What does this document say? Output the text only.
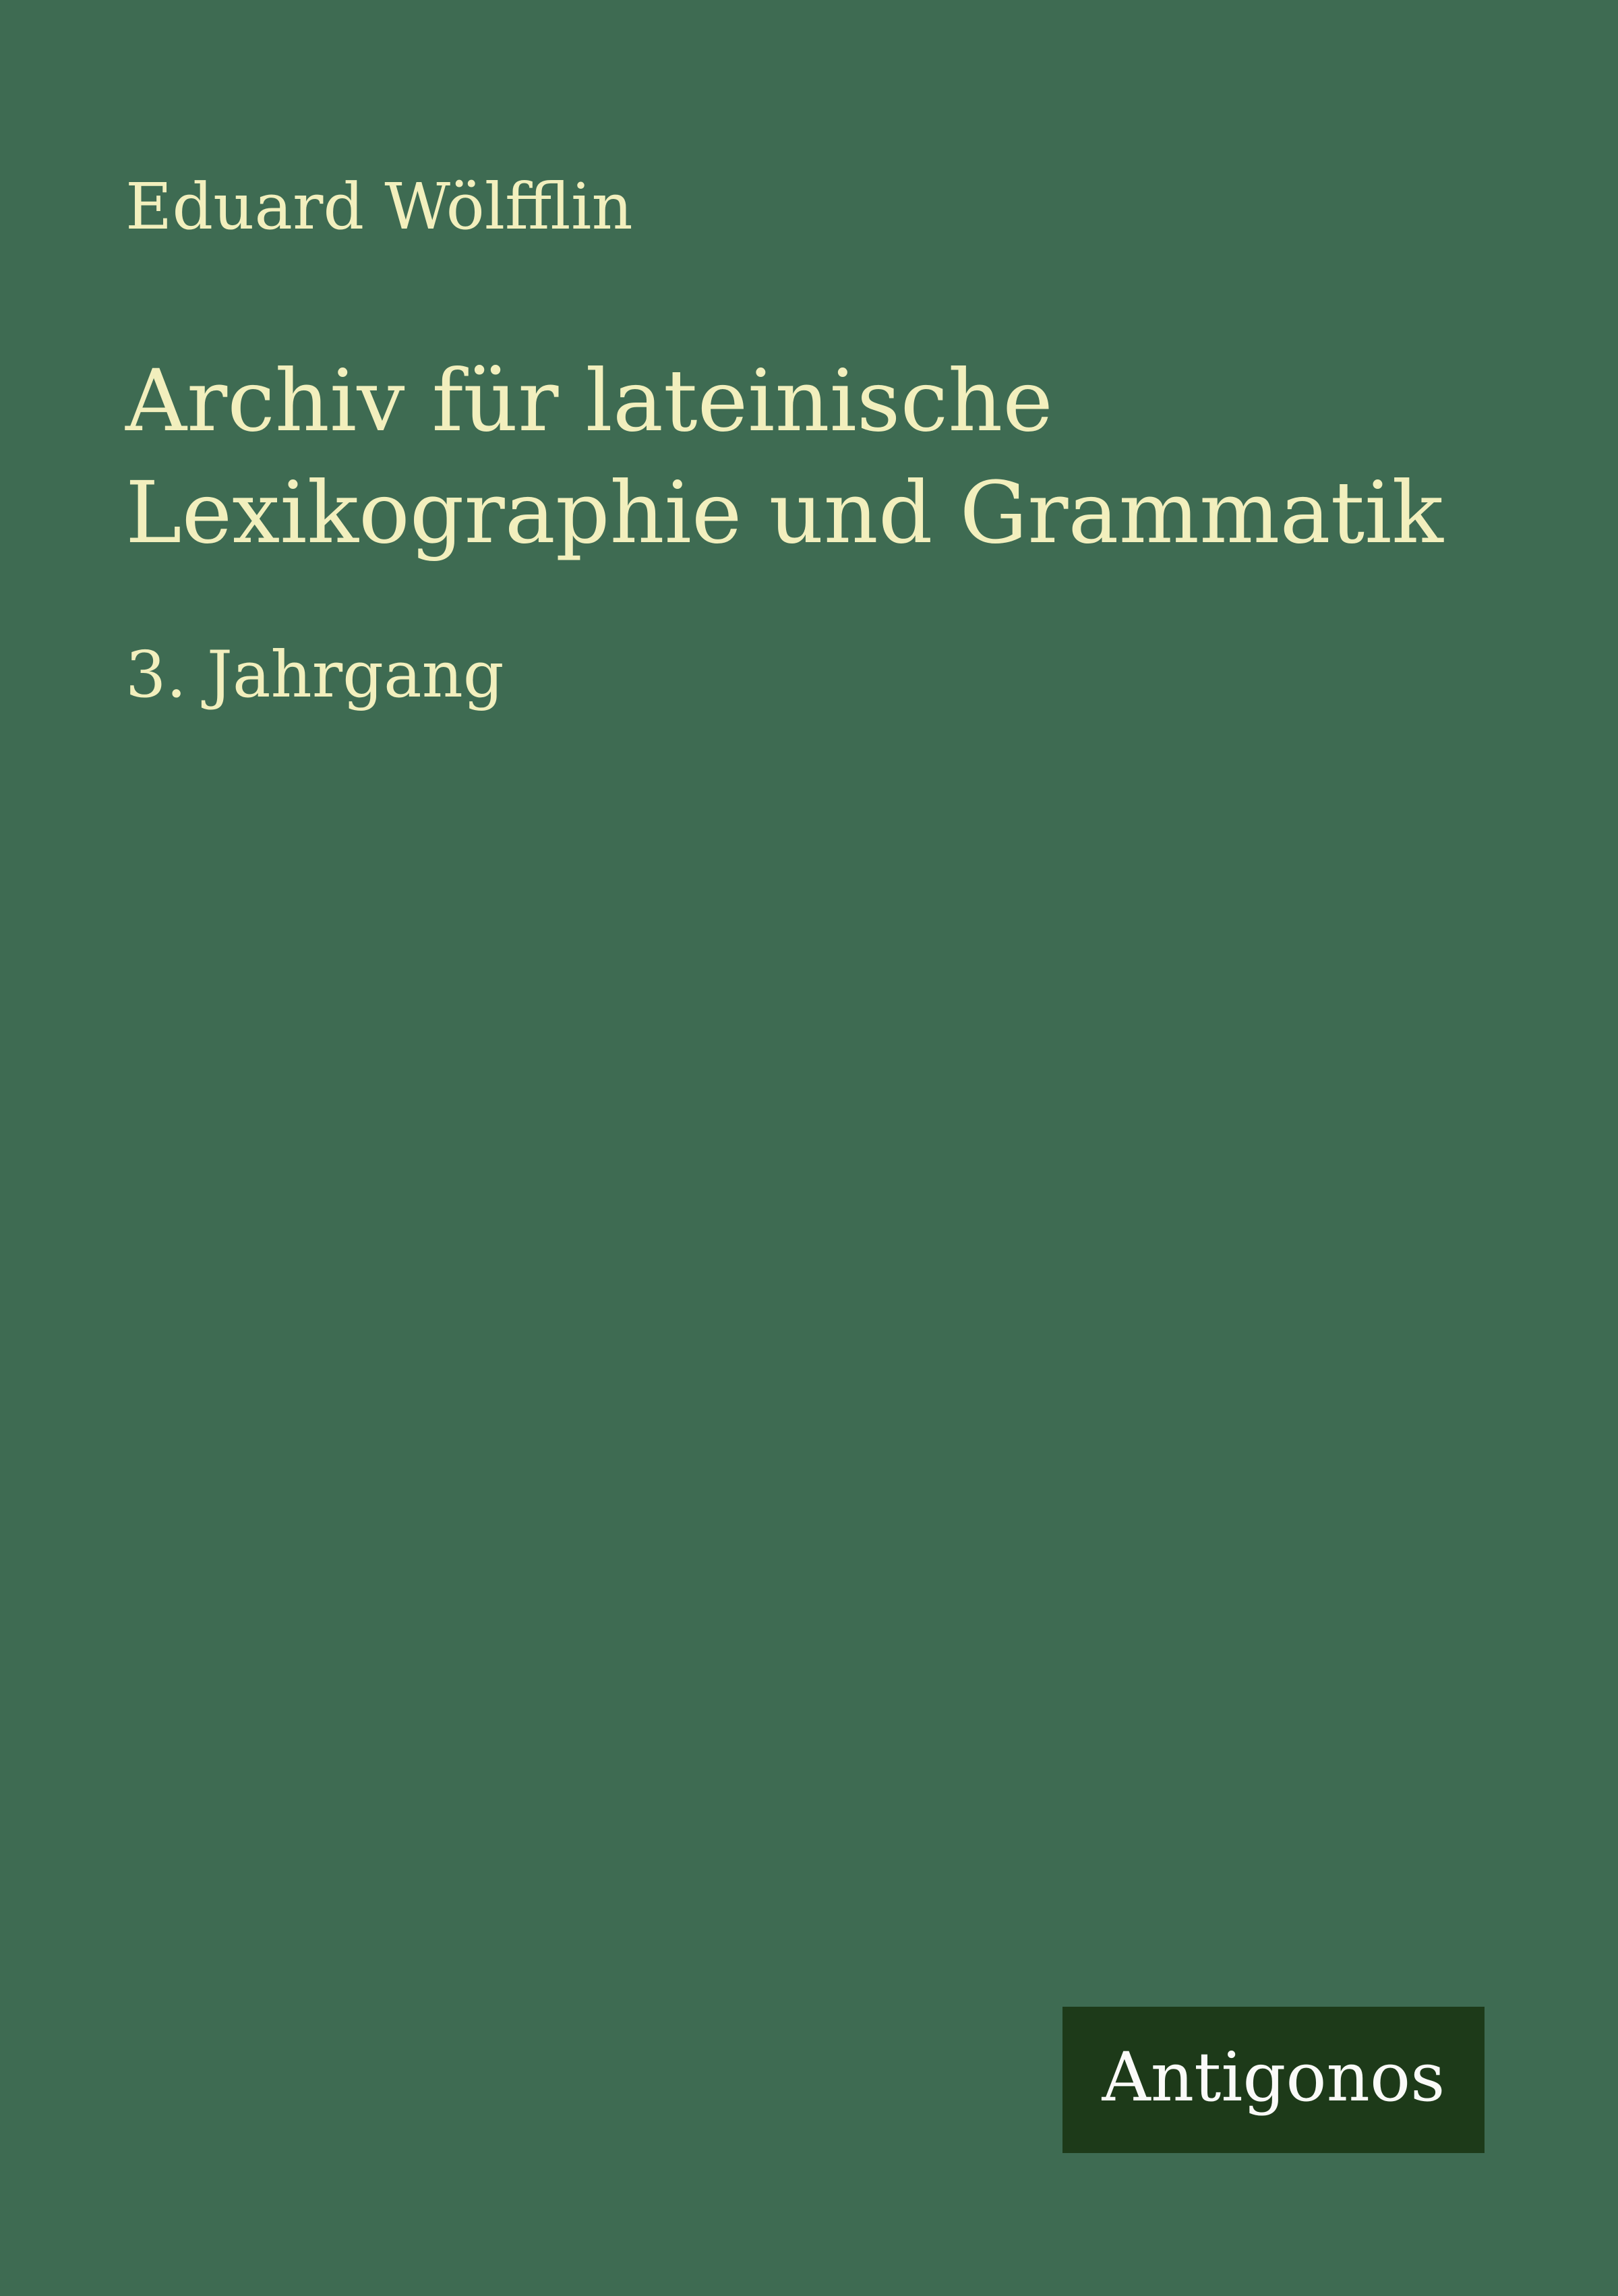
Eduard Wölfflin
Archiv für lateinische Lexikographie und Grammatik
3. Jahrgang
Antigonos
